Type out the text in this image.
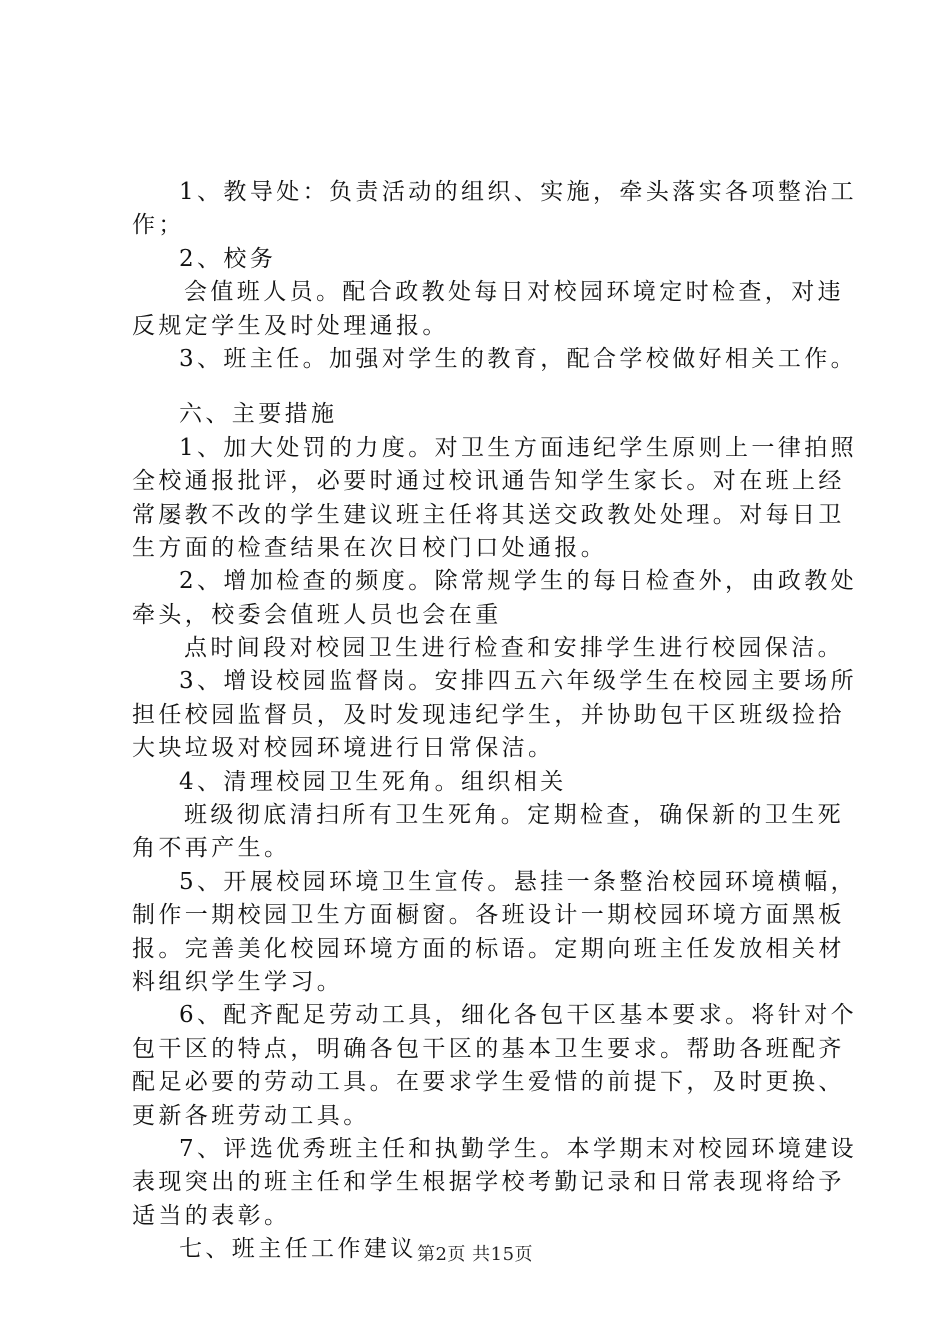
1、教导处：负责活动的组织、实施，牵头落实各项整治工
作；
2、校务
会值班人员。配合政教处每日对校园环境定时检查，对违
反规定学生及时处理通报。
3、班主任。加强对学生的教育，配合学校做好相关工作。
六、主要措施
1、加大处罚的力度。对卫生方面违纪学生原则上一律拍照
全校通报批评，必要时通过校讯通告知学生家长。对在班上经
常屡教不改的学生建议班主任将其送交政教处处理。对每日卫
生方面的检查结果在次日校门口处通报。
2、增加检查的频度。除常规学生的每日检查外，由政教处
牵头，校委会值班人员也会在重
点时间段对校园卫生进行检查和安排学生进行校园保洁。
3、增设校园监督岗。安排四五六年级学生在校园主要场所
担任校园监督员，及时发现违纪学生，并协助包干区班级捡拾
大块垃圾对校园环境进行日常保洁。
4、清理校园卫生死角。组织相关
班级彻底清扫所有卫生死角。定期检查，确保新的卫生死
角不再产生。
5、开展校园环境卫生宣传。悬挂一条整治校园环境横幅，
制作一期校园卫生方面橱窗。各班设计一期校园环境方面黑板
报。完善美化校园环境方面的标语。定期向班主任发放相关材
料组织学生学习。
6、配齐配足劳动工具，细化各包干区基本要求。将针对个
包干区的特点，明确各包干区的基本卫生要求。帮助各班配齐
配足必要的劳动工具。在要求学生爱惜的前提下，及时更换、
更新各班劳动工具。
7、评选优秀班主任和执勤学生。本学期末对校园环境建设
表现突出的班主任和学生根据学校考勤记录和日常表现将给予
适当的表彰。
七、班主任工作建议 第2页 共15页
